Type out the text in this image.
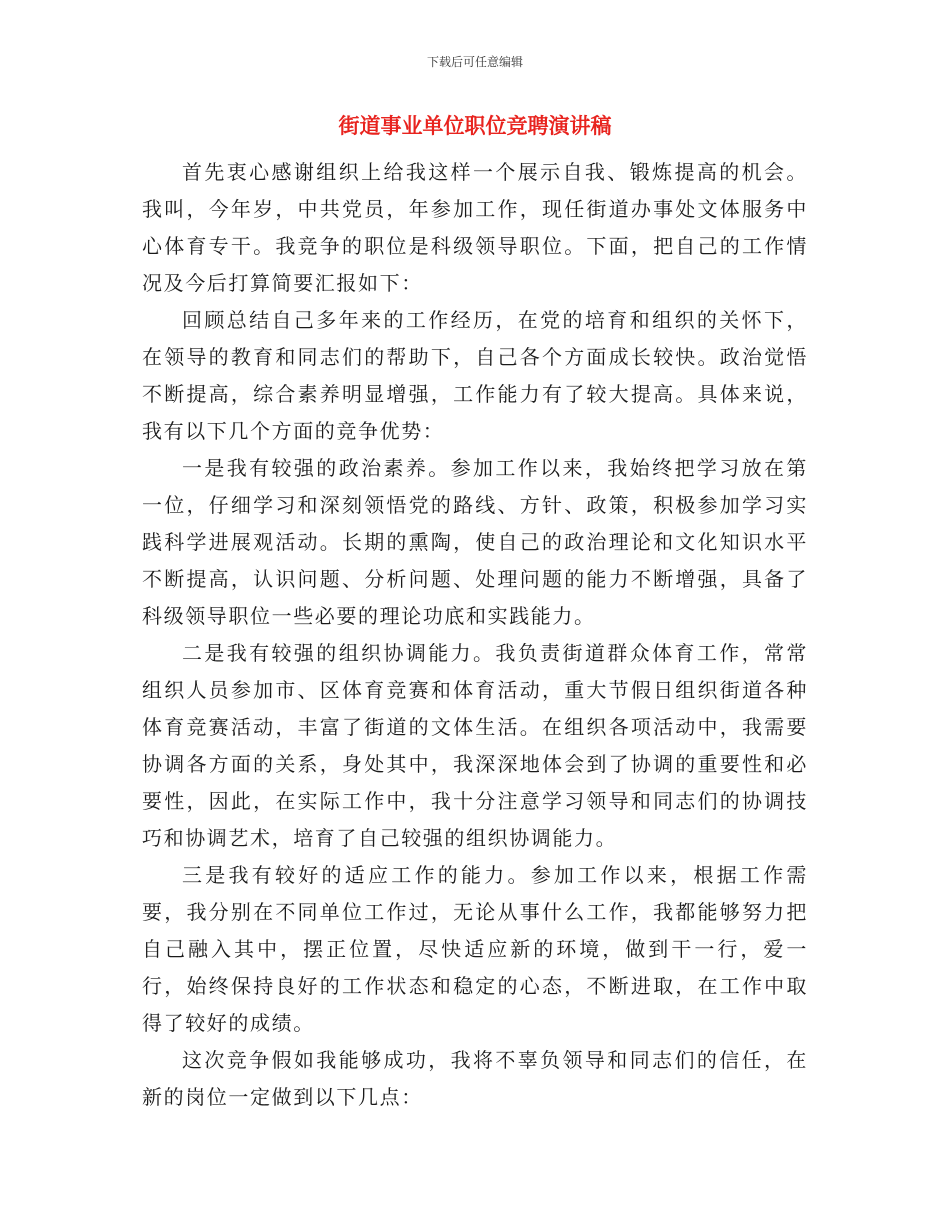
下载后可任意编辑
街道事业单位职位竞聘演讲稿

首先衷心感谢组织上给我这样一个展示自我、锻炼提高的机会。我叫，今年岁，中共党员，年参加工作，现任街道办事处文体服务中心体育专干。我竞争的职位是科级领导职位。下面，把自己的工作情况及今后打算简要汇报如下：

回顾总结自己多年来的工作经历，在党的培育和组织的关怀下，在领导的教育和同志们的帮助下，自己各个方面成长较快。政治觉悟不断提高，综合素养明显增强，工作能力有了较大提高。具体来说，我有以下几个方面的竞争优势：

一是我有较强的政治素养。参加工作以来，我始终把学习放在第一位，仔细学习和深刻领悟党的路线、方针、政策，积极参加学习实践科学进展观活动。长期的熏陶，使自己的政治理论和文化知识水平不断提高，认识问题、分析问题、处理问题的能力不断增强，具备了科级领导职位一些必要的理论功底和实践能力。

二是我有较强的组织协调能力。我负责街道群众体育工作，常常组织人员参加市、区体育竞赛和体育活动，重大节假日组织街道各种体育竞赛活动，丰富了街道的文体生活。在组织各项活动中，我需要协调各方面的关系，身处其中，我深深地体会到了协调的重要性和必要性，因此，在实际工作中，我十分注意学习领导和同志们的协调技巧和协调艺术，培育了自己较强的组织协调能力。

三是我有较好的适应工作的能力。参加工作以来，根据工作需要，我分别在不同单位工作过，无论从事什么工作，我都能够努力把自己融入其中，摆正位置，尽快适应新的环境，做到干一行，爱一行，始终保持良好的工作状态和稳定的心态，不断进取，在工作中取得了较好的成绩。

这次竞争假如我能够成功，我将不辜负领导和同志们的信任，在新的岗位一定做到以下几点：
